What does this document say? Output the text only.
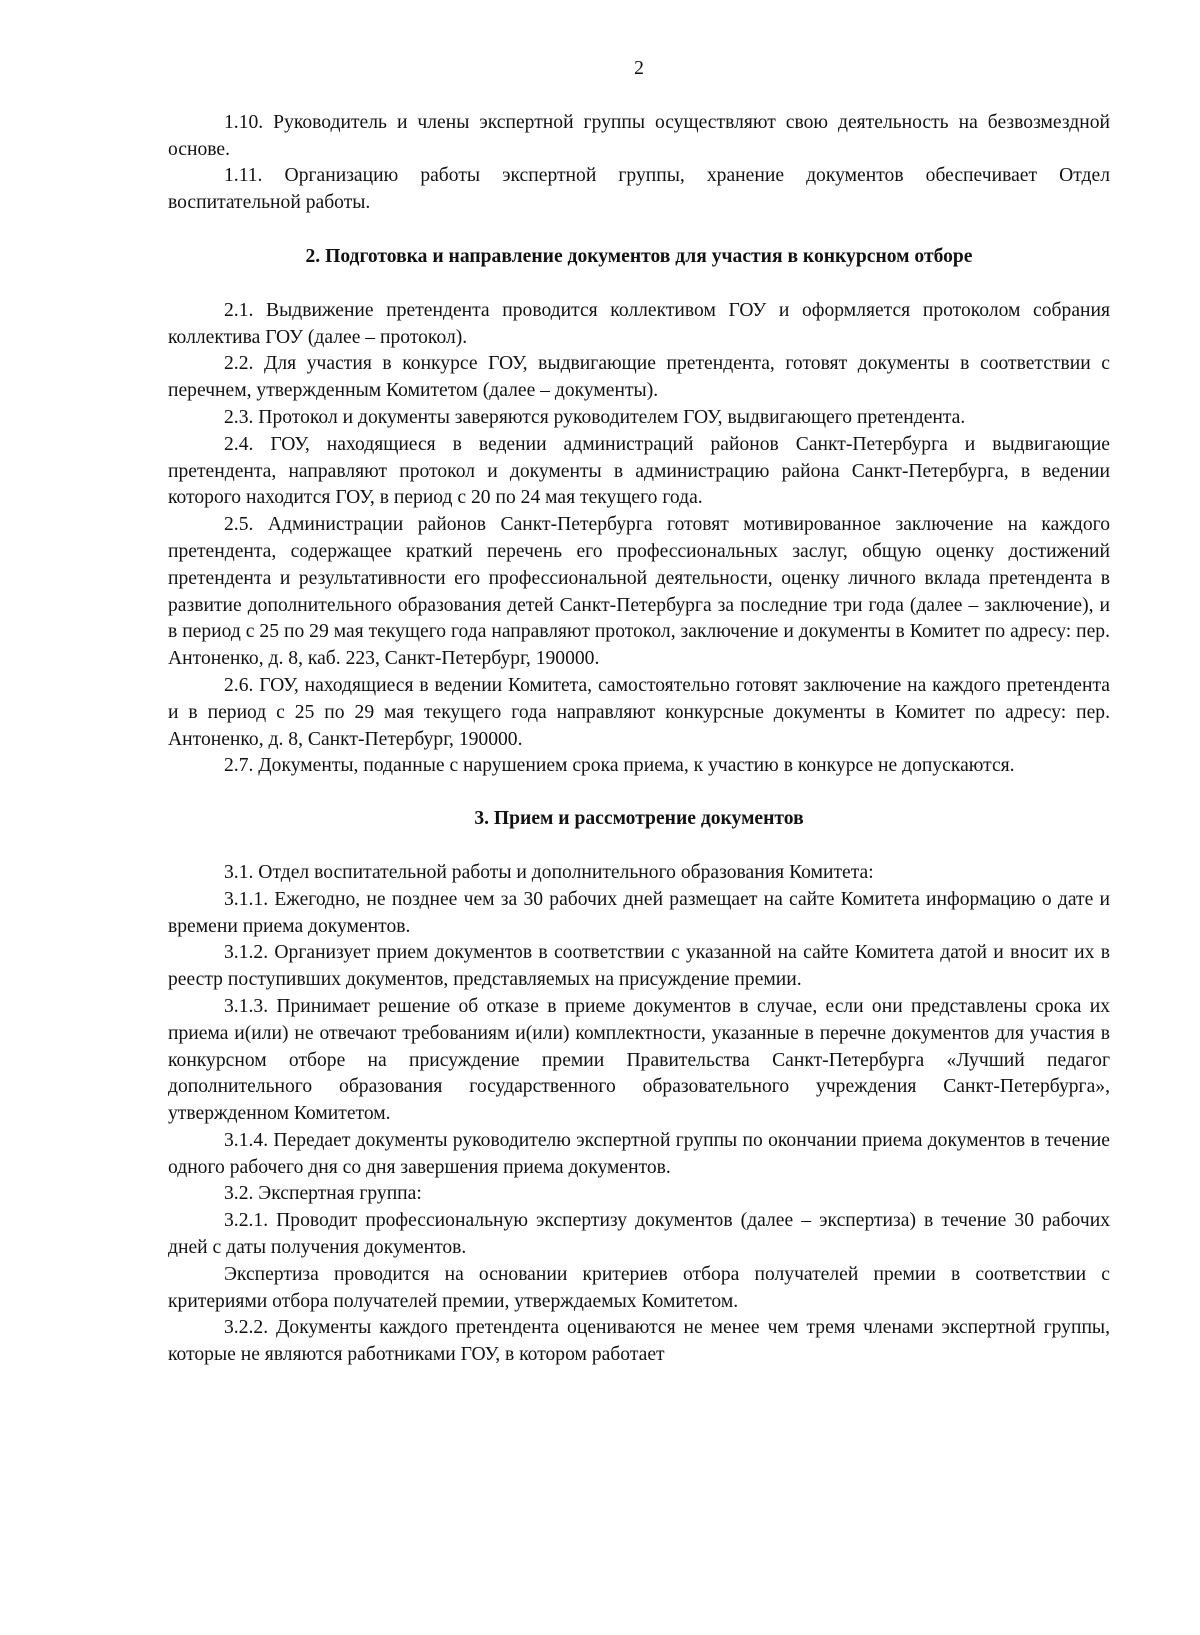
2

1.10. Руководитель и члены экспертной группы осуществляют свою деятельность на безвозмездной основе.

1.11. Организацию работы экспертной группы, хранение документов обеспечивает Отдел воспитательной работы.

2. Подготовка и направление документов для участия в конкурсном отборе

2.1. Выдвижение претендента проводится коллективом ГОУ и оформляется протоколом собрания коллектива ГОУ (далее – протокол).

2.2. Для участия в конкурсе ГОУ, выдвигающие претендента, готовят документы в соответствии с перечнем, утвержденным Комитетом (далее – документы).

2.3. Протокол и документы заверяются руководителем ГОУ, выдвигающего претендента.

2.4. ГОУ, находящиеся в ведении администраций районов Санкт-Петербурга и выдвигающие претендента, направляют протокол и документы в администрацию района Санкт-Петербурга, в ведении которого находится ГОУ, в период с 20 по 24 мая текущего года.

2.5. Администрации районов Санкт-Петербурга готовят мотивированное заключение на каждого претендента, содержащее краткий перечень его профессиональных заслуг, общую оценку достижений претендента и результативности его профессиональной деятельности, оценку личного вклада претендента в развитие дополнительного образования детей Санкт-Петербурга за последние три года (далее – заключение), и в период с 25 по 29 мая текущего года направляют протокол, заключение и документы в Комитет по адресу: пер. Антоненко, д. 8, каб. 223, Санкт-Петербург, 190000.

2.6. ГОУ, находящиеся в ведении Комитета, самостоятельно готовят заключение на каждого претендента и в период с 25 по 29 мая текущего года направляют конкурсные документы в Комитет по адресу: пер. Антоненко, д. 8, Санкт-Петербург, 190000.

2.7. Документы, поданные с нарушением срока приема, к участию в конкурсе не допускаются.

3. Прием и рассмотрение документов

3.1. Отдел воспитательной работы и дополнительного образования Комитета:

3.1.1. Ежегодно, не позднее чем за 30 рабочих дней размещает на сайте Комитета информацию о дате и времени приема документов.

3.1.2. Организует прием документов в соответствии с указанной на сайте Комитета датой и вносит их в реестр поступивших документов, представляемых на присуждение премии.

3.1.3. Принимает решение об отказе в приеме документов в случае, если они представлены срока их приема и(или) не отвечают требованиям и(или) комплектности, указанные в перечне документов для участия в конкурсном отборе на присуждение премии Правительства Санкт-Петербурга «Лучший педагог дополнительного образования государственного образовательного учреждения Санкт-Петербурга», утвержденном Комитетом.

3.1.4. Передает документы руководителю экспертной группы по окончании приема документов в течение одного рабочего дня со дня завершения приема документов.

3.2. Экспертная группа:

3.2.1. Проводит профессиональную экспертизу документов (далее – экспертиза) в течение 30 рабочих дней с даты получения документов.

Экспертиза проводится на основании критериев отбора получателей премии в соответствии с критериями отбора получателей премии, утверждаемых Комитетом.

3.2.2. Документы каждого претендента оцениваются не менее чем тремя членами экспертной группы, которые не являются работниками ГОУ, в котором работает
